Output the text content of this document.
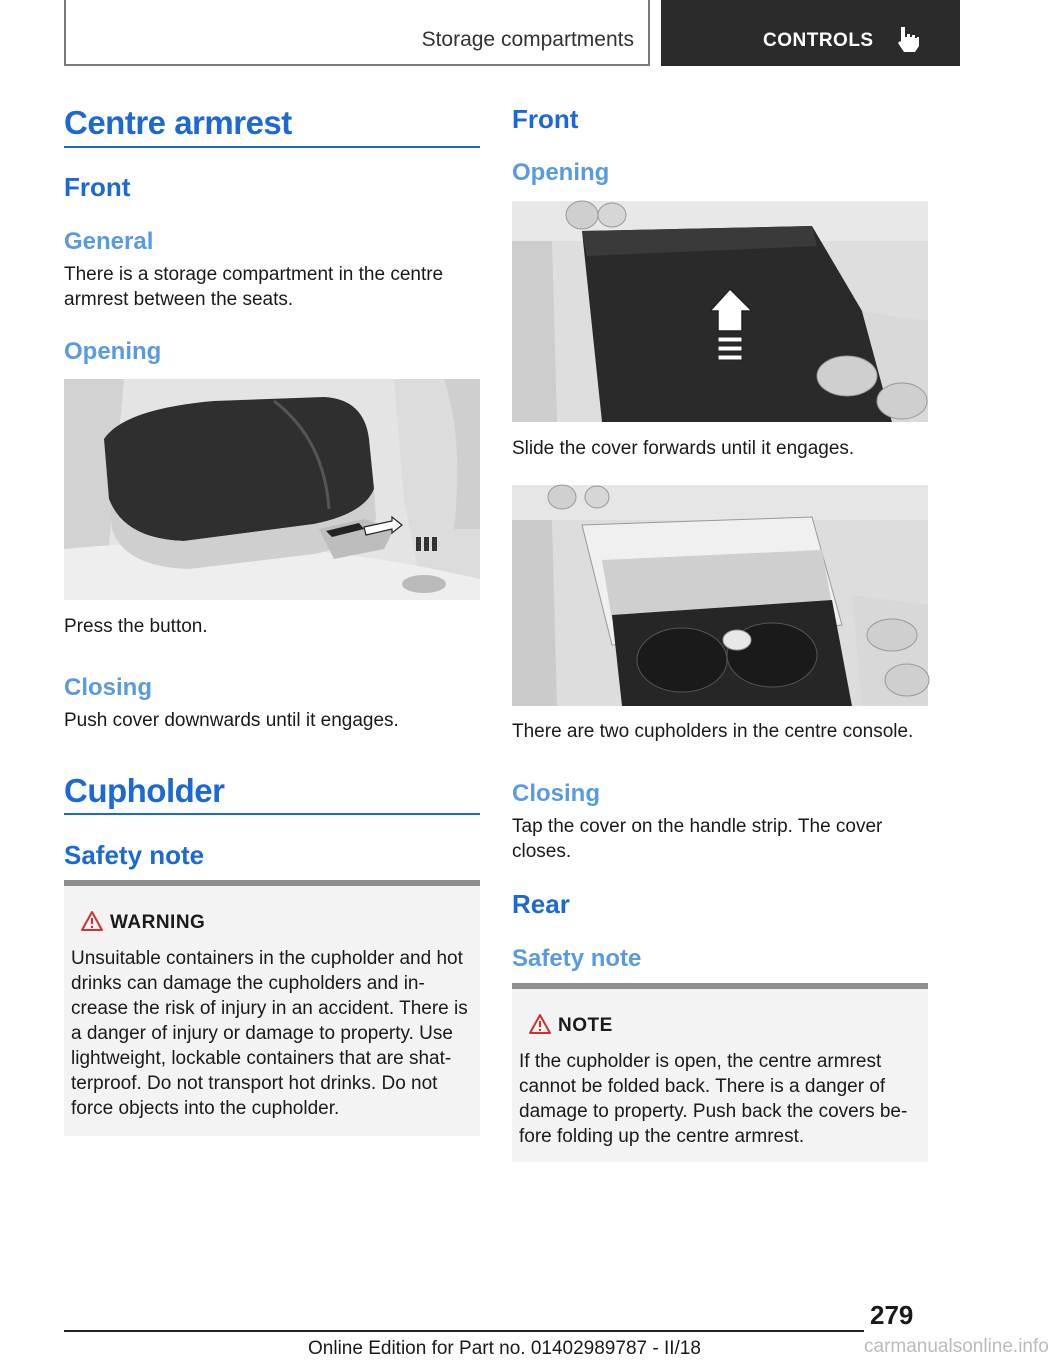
Storage compartments	CONTROLS
Centre armrest
Front
General
There is a storage compartment in the centre armrest between the seats.
Opening
Press the button.
Closing
Push cover downwards until it engages.
Cupholder
Safety note
WARNING
Unsuitable containers in the cupholder and hot drinks can damage the cupholders and increase the risk of injury in an accident. There is a danger of injury or damage to property. Use lightweight, lockable containers that are shatterproof. Do not transport hot drinks. Do not force objects into the cupholder.
Front
Opening
Slide the cover forwards until it engages.
There are two cupholders in the centre console.
Closing
Tap the cover on the handle strip. The cover closes.
Rear
Safety note
NOTE
If the cupholder is open, the centre armrest cannot be folded back. There is a danger of damage to property. Push back the covers before folding up the centre armrest.
279
Online Edition for Part no. 01402989787 - II/18	carmanualsonline.info
